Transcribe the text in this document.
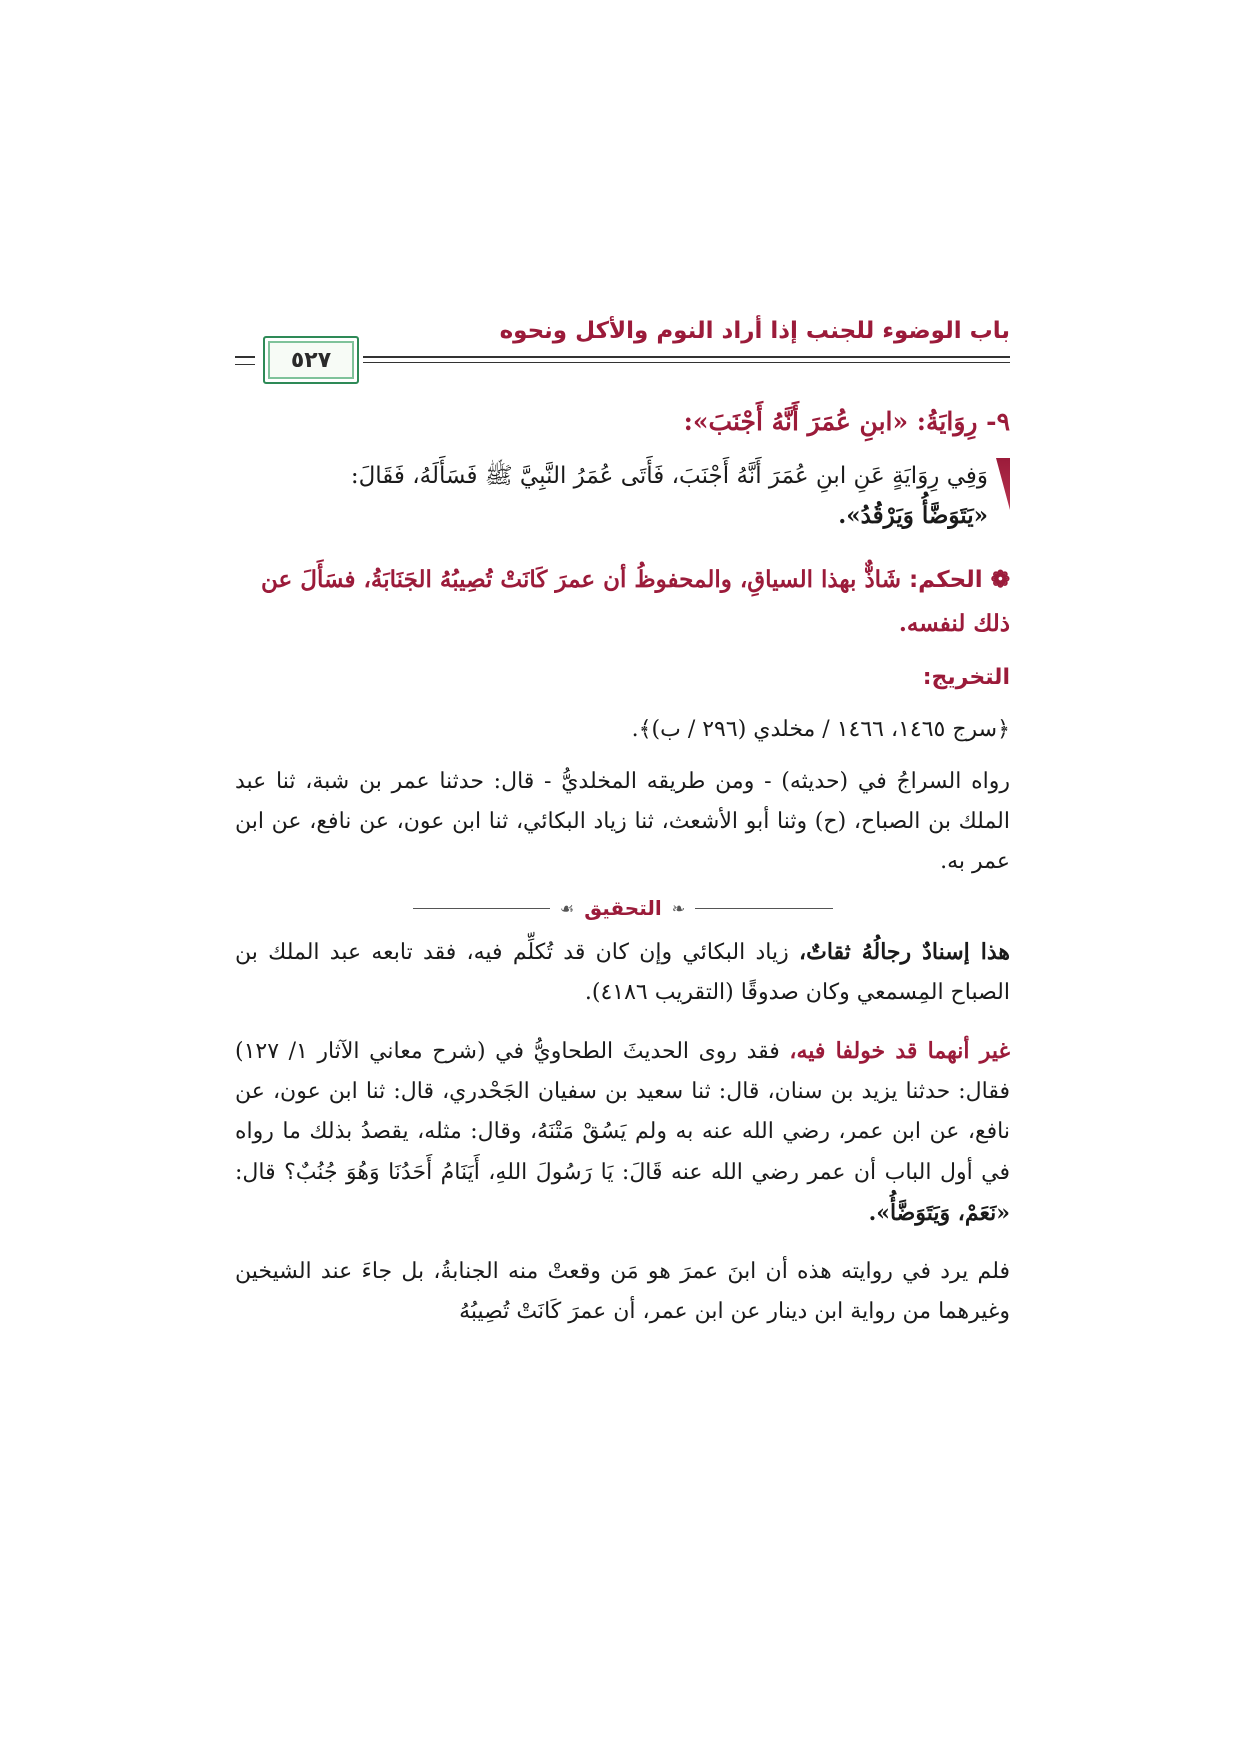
باب الوضوء للجنب إذا أراد النوم والأكل ونحوه
٥٢٧
٩- رِوَايَةُ: «ابنِ عُمَرَ أَنَّهُ أَجْنَبَ»:
وَفِي رِوَايَةٍ عَنِ ابنِ عُمَرَ أَنَّهُ أَجْنَبَ، فَأَتَى عُمَرُ النَّبِيَّ ﷺ فَسَأَلَهُ، فَقَالَ:
«يَتَوَضَّأُ وَيَرْقُدُ».
❁ الحكم: شَاذٌّ بهذا السياقِ، والمحفوظُ أن عمرَ كَانَتْ تُصِيبُهُ الجَنَابَةُ، فسَأَلَ عن ذلك لنفسه.
التخريج:
﴿سرج ١٤٦٥، ١٤٦٦ / مخلدي (٢٩٦ / ب)﴾.
رواه السراجُ في (حديثه) - ومن طريقه المخلديُّ - قال: حدثنا عمر بن شبة، ثنا عبد الملك بن الصباح، (ح) وثنا أبو الأشعث، ثنا زياد البكائي، ثنا ابن عون، عن نافع، عن ابن عمر به.
❧
التحقيق
☙
هذا إسنادٌ رجالُهُ ثقاتٌ، زياد البكائي وإن كان قد تُكلِّم فيه، فقد تابعه عبد الملك بن الصباح المِسمعي وكان صدوقًا (التقريب ٤١٨٦).
غير أنهما قد خولفا فيه، فقد روى الحديثَ الطحاويُّ في (شرح معاني الآثار ١/ ١٢٧) فقال: حدثنا يزيد بن سنان، قال: ثنا سعيد بن سفيان الجَحْدري، قال: ثنا ابن عون، عن نافع، عن ابن عمر، رضي الله عنه به ولم يَسُقْ مَتْنَهُ، وقال: مثله، يقصدُ بذلك ما رواه في أول الباب أن عمر رضي الله عنه قَالَ: يَا رَسُولَ اللهِ، أَيَنَامُ أَحَدُنَا وَهُوَ جُنُبٌ؟ قال: «نَعَمْ، وَيَتَوَضَّأُ».
فلم يرد في روايته هذه أن ابنَ عمرَ هو مَن وقعتْ منه الجنابةُ، بل جاءَ عند الشيخين وغيرهما من رواية ابن دينار عن ابن عمر، أن عمرَ كَانَتْ تُصِيبُهُ
